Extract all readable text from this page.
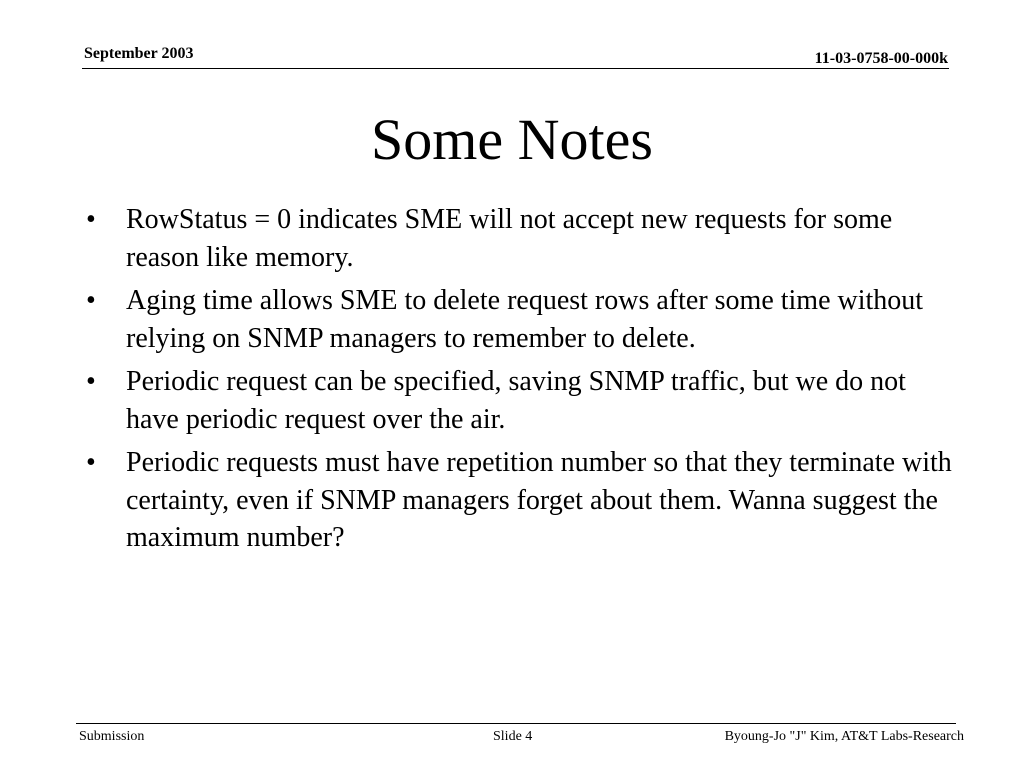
September 2003	11-03-0758-00-000k
Some Notes
• RowStatus = 0 indicates SME will not accept new requests for some reason like memory.
• Aging time allows SME to delete request rows after some time without relying on SNMP managers to remember to delete.
• Periodic request can be specified, saving SNMP traffic, but we do not have periodic request over the air.
• Periodic requests must have repetition number so that they terminate with certainty, even if SNMP managers forget about them. Wanna suggest the maximum number?
Submission	Slide 4	Byoung-Jo "J" Kim, AT&T Labs-Research
